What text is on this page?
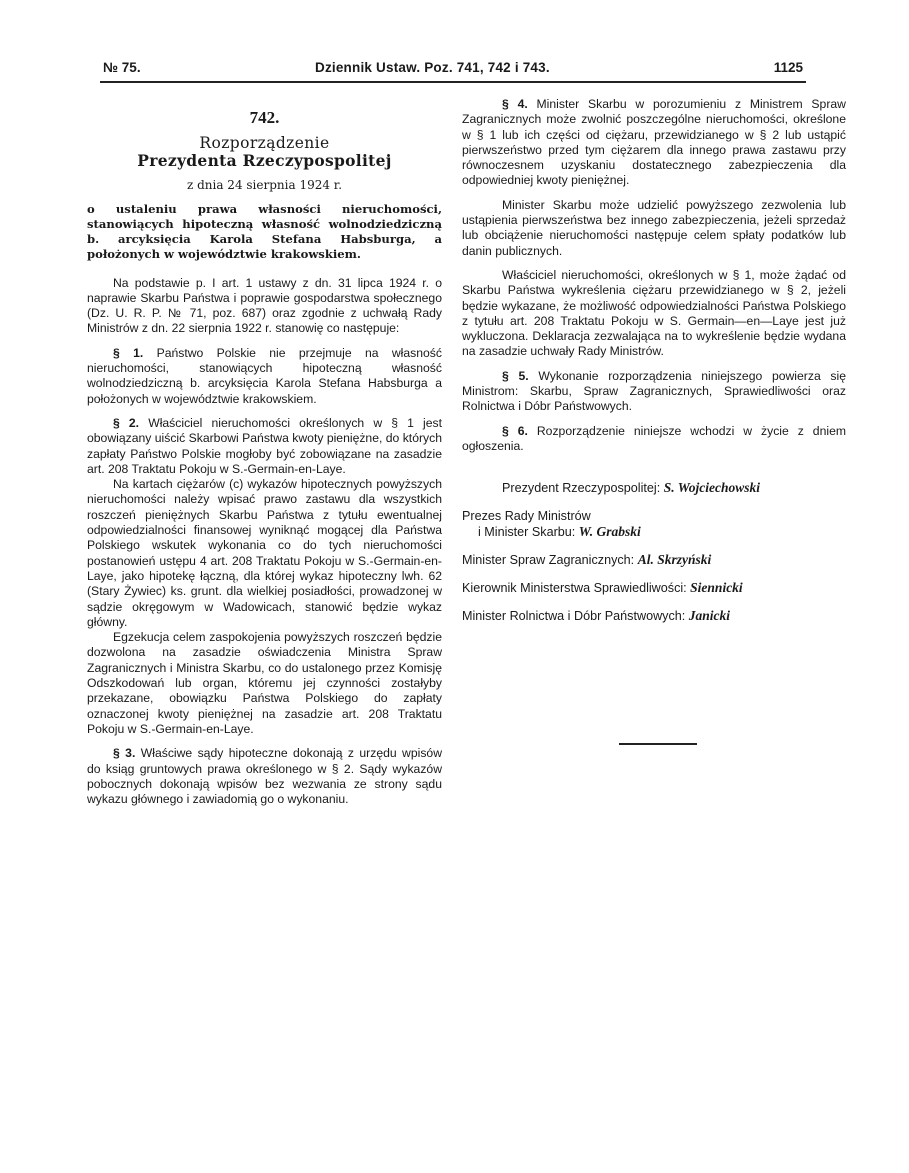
№ 75.	Dziennik Ustaw. Poz. 741, 742 i 743.	1125

742.

Rozporządzenie

Prezydenta Rzeczypospolitej

z dnia 24 sierpnia 1924 r.

o ustaleniu prawa własności nieruchomości, stanowiących hipoteczną własność wolnodziedziczną b. arcyksięcia Karola Stefana Habsburga, a położonych w województwie krakowskiem.

Na podstawie p. I art. 1 ustawy z dn. 31 lipca 1924 r. o naprawie Skarbu Państwa i poprawie gospodarstwa społecznego (Dz. U. R. P. № 71, poz. 687) oraz zgodnie z uchwałą Rady Ministrów z dn. 22 sierpnia 1922 r. stanowię co następuje:

§ 1. Państwo Polskie nie przejmuje na własność nieruchomości, stanowiących hipoteczną własność wolnodziedziczną b. arcyksięcia Karola Stefana Habsburga a położonych w województwie krakowskiem.

§ 2. Właściciel nieruchomości określonych w § 1 jest obowiązany uiścić Skarbowi Państwa kwoty pieniężne, do których zapłaty Państwo Polskie mogłoby być zobowiązane na zasadzie art. 208 Traktatu Pokoju w S.-Germain-en-Laye.

Na kartach ciężarów (c) wykazów hipotecznych powyższych nieruchomości należy wpisać prawo zastawu dla wszystkich roszczeń pieniężnych Skarbu Państwa z tytułu ewentualnej odpowiedzialności finansowej wyniknąć mogącej dla Państwa Polskiego wskutek wykonania co do tych nieruchomości postanowień ustępu 4 art. 208 Traktatu Pokoju w S.-Germain-en-Laye, jako hipotekę łączną, dla której wykaz hipoteczny lwh. 62 (Stary Żywiec) ks. grunt. dla wielkiej posiadłości, prowadzonej w sądzie okręgowym w Wadowicach, stanowić będzie wykaz główny.

Egzekucja celem zaspokojenia powyższych roszczeń będzie dozwolona na zasadzie oświadczenia Ministra Spraw Zagranicznych i Ministra Skarbu, co do ustalonego przez Komisję Odszkodowań lub organ, któremu jej czynności zostałyby przekazane, obowiązku Państwa Polskiego do zapłaty oznaczonej kwoty pieniężnej na zasadzie art. 208 Traktatu Pokoju w S.-Germain-en-Laye.

§ 3. Właściwe sądy hipoteczne dokonają z urzędu wpisów do ksiąg gruntowych prawa określonego w § 2. Sądy wykazów pobocznych dokonają wpisów bez wezwania ze strony sądu wykazu głównego i zawiadomią go o wykonaniu.

§ 4. Minister Skarbu w porozumieniu z Ministrem Spraw Zagranicznych może zwolnić poszczególne nieruchomości, określone w § 1 lub ich części od ciężaru, przewidzianego w § 2 lub ustąpić pierwszeństwo przed tym ciężarem dla innego prawa zastawu przy równoczesnem uzyskaniu dostatecznego zabezpieczenia dla odpowiedniej kwoty pieniężnej.

Minister Skarbu może udzielić powyższego zezwolenia lub ustąpienia pierwszeństwa bez innego zabezpieczenia, jeżeli sprzedaż lub obciążenie nieruchomości następuje celem spłaty podatków lub danin publicznych.

Właściciel nieruchomości, określonych w § 1, może żądać od Skarbu Państwa wykreślenia ciężaru przewidzianego w § 2, jeżeli będzie wykazane, że możliwość odpowiedzialności Państwa Polskiego z tytułu art. 208 Traktatu Pokoju w S. Germain—en—Laye jest już wykluczona. Deklaracja zezwalająca na to wykreślenie będzie wydana na zasadzie uchwały Rady Ministrów.

§ 5. Wykonanie rozporządzenia niniejszego powierza się Ministrom: Skarbu, Spraw Zagranicznych, Sprawiedliwości oraz Rolnictwa i Dóbr Państwowych.

§ 6. Rozporządzenie niniejsze wchodzi w życie z dniem ogłoszenia.

Prezydent Rzeczypospolitej: S. Wojciechowski
Prezes Rady Ministrów
i Minister Skarbu: W. Grabski
Minister Spraw Zagranicznych: Al. Skrzyński
Kierownik Ministerstwa Sprawiedliwości: Siennicki
Minister Rolnictwa i Dóbr Państwowych: Janicki
